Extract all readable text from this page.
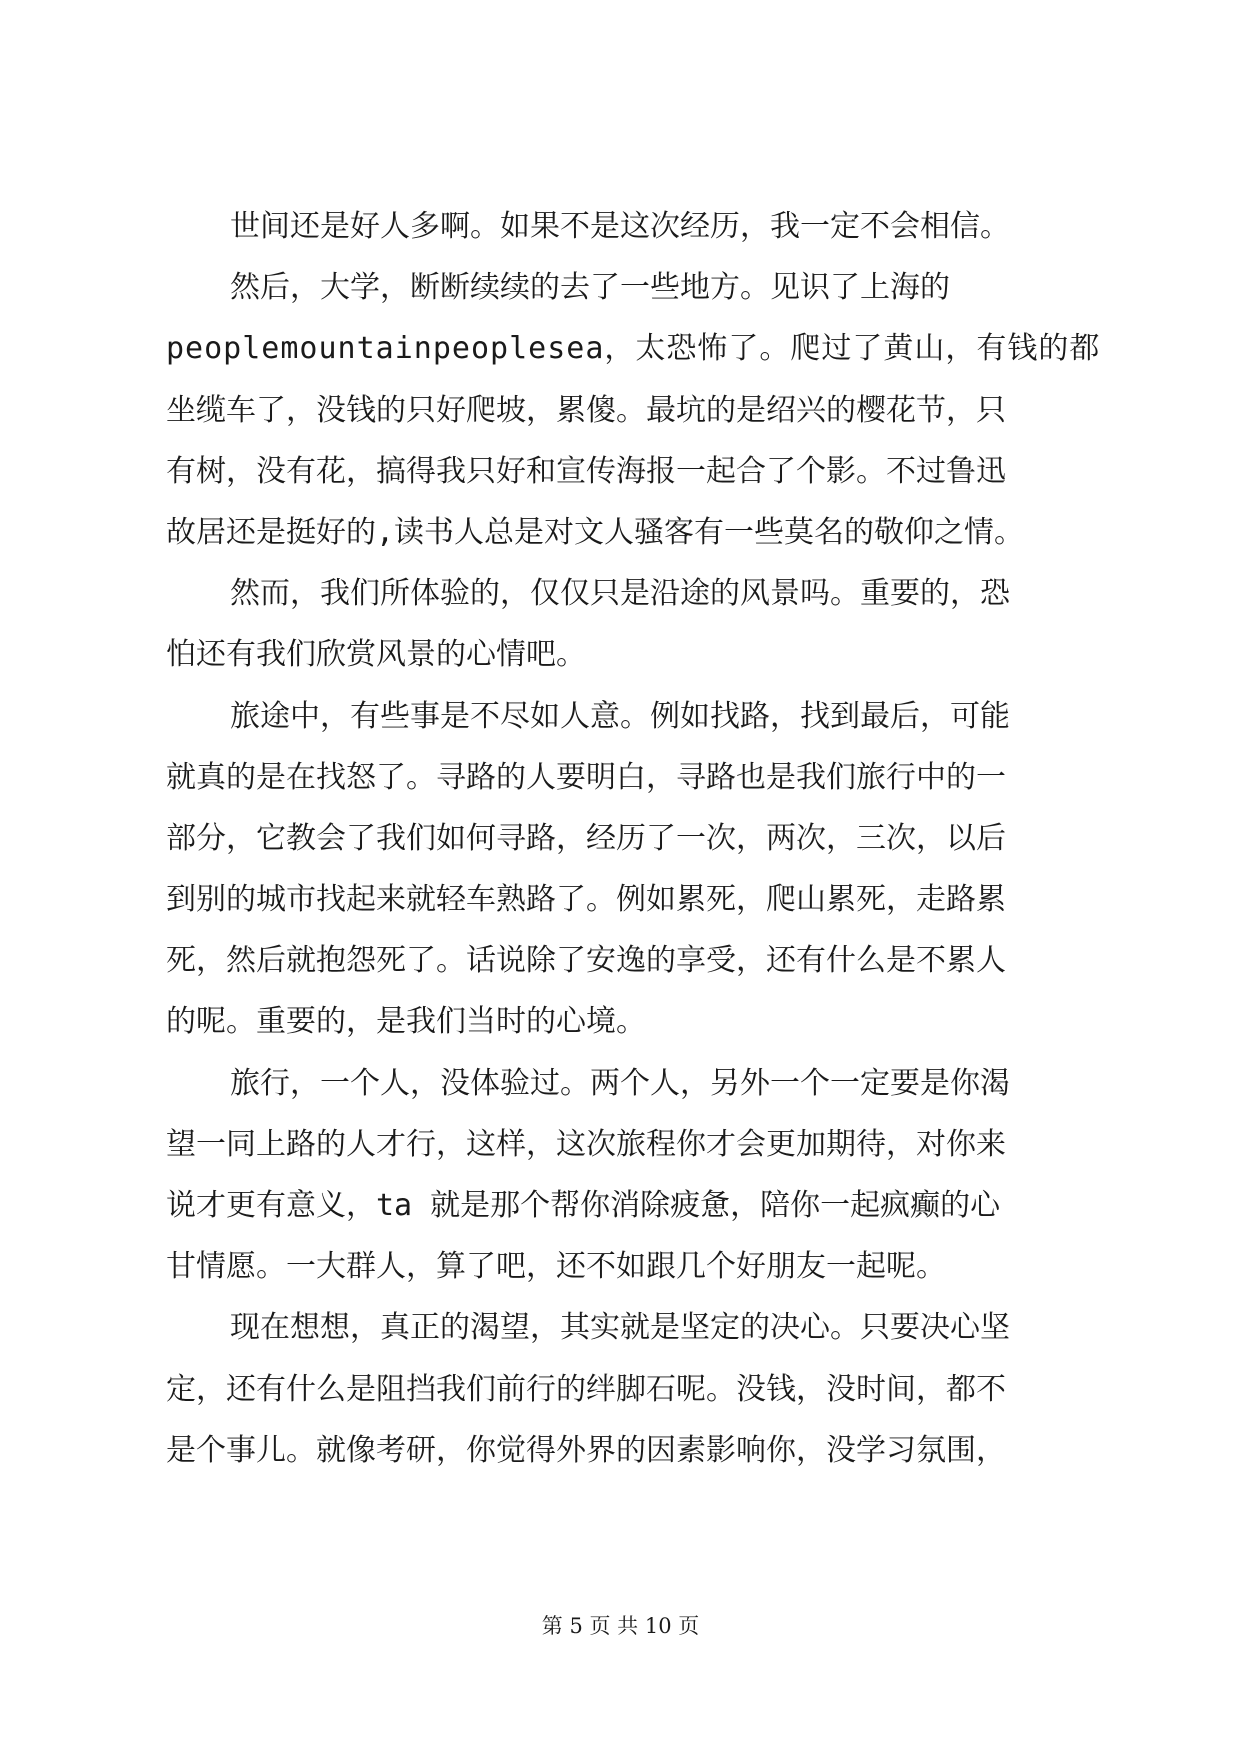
世间还是好人多啊。如果不是这次经历，我一定不会相信。
然后，大学，断断续续的去了一些地方。见识了上海的
peoplemountainpeoplesea，太恐怖了。爬过了黄山，有钱的都
坐缆车了，没钱的只好爬坡，累傻。最坑的是绍兴的樱花节，只
有树，没有花，搞得我只好和宣传海报一起合了个影。不过鲁迅
故居还是挺好的,读书人总是对文人骚客有一些莫名的敬仰之情。
然而，我们所体验的，仅仅只是沿途的风景吗。重要的，恐
怕还有我们欣赏风景的心情吧。
旅途中，有些事是不尽如人意。例如找路，找到最后，可能
就真的是在找怒了。寻路的人要明白，寻路也是我们旅行中的一
部分，它教会了我们如何寻路，经历了一次，两次，三次，以后
到别的城市找起来就轻车熟路了。例如累死，爬山累死，走路累
死，然后就抱怨死了。话说除了安逸的享受，还有什么是不累人
的呢。重要的，是我们当时的心境。
旅行，一个人，没体验过。两个人，另外一个一定要是你渴
望一同上路的人才行，这样，这次旅程你才会更加期待，对你来
说才更有意义，ta 就是那个帮你消除疲惫，陪你一起疯癫的心
甘情愿。一大群人，算了吧，还不如跟几个好朋友一起呢。
现在想想，真正的渴望，其实就是坚定的决心。只要决心坚
定，还有什么是阻挡我们前行的绊脚石呢。没钱，没时间，都不
是个事儿。就像考研，你觉得外界的因素影响你，没学习氛围，
第 5 页 共 10 页
